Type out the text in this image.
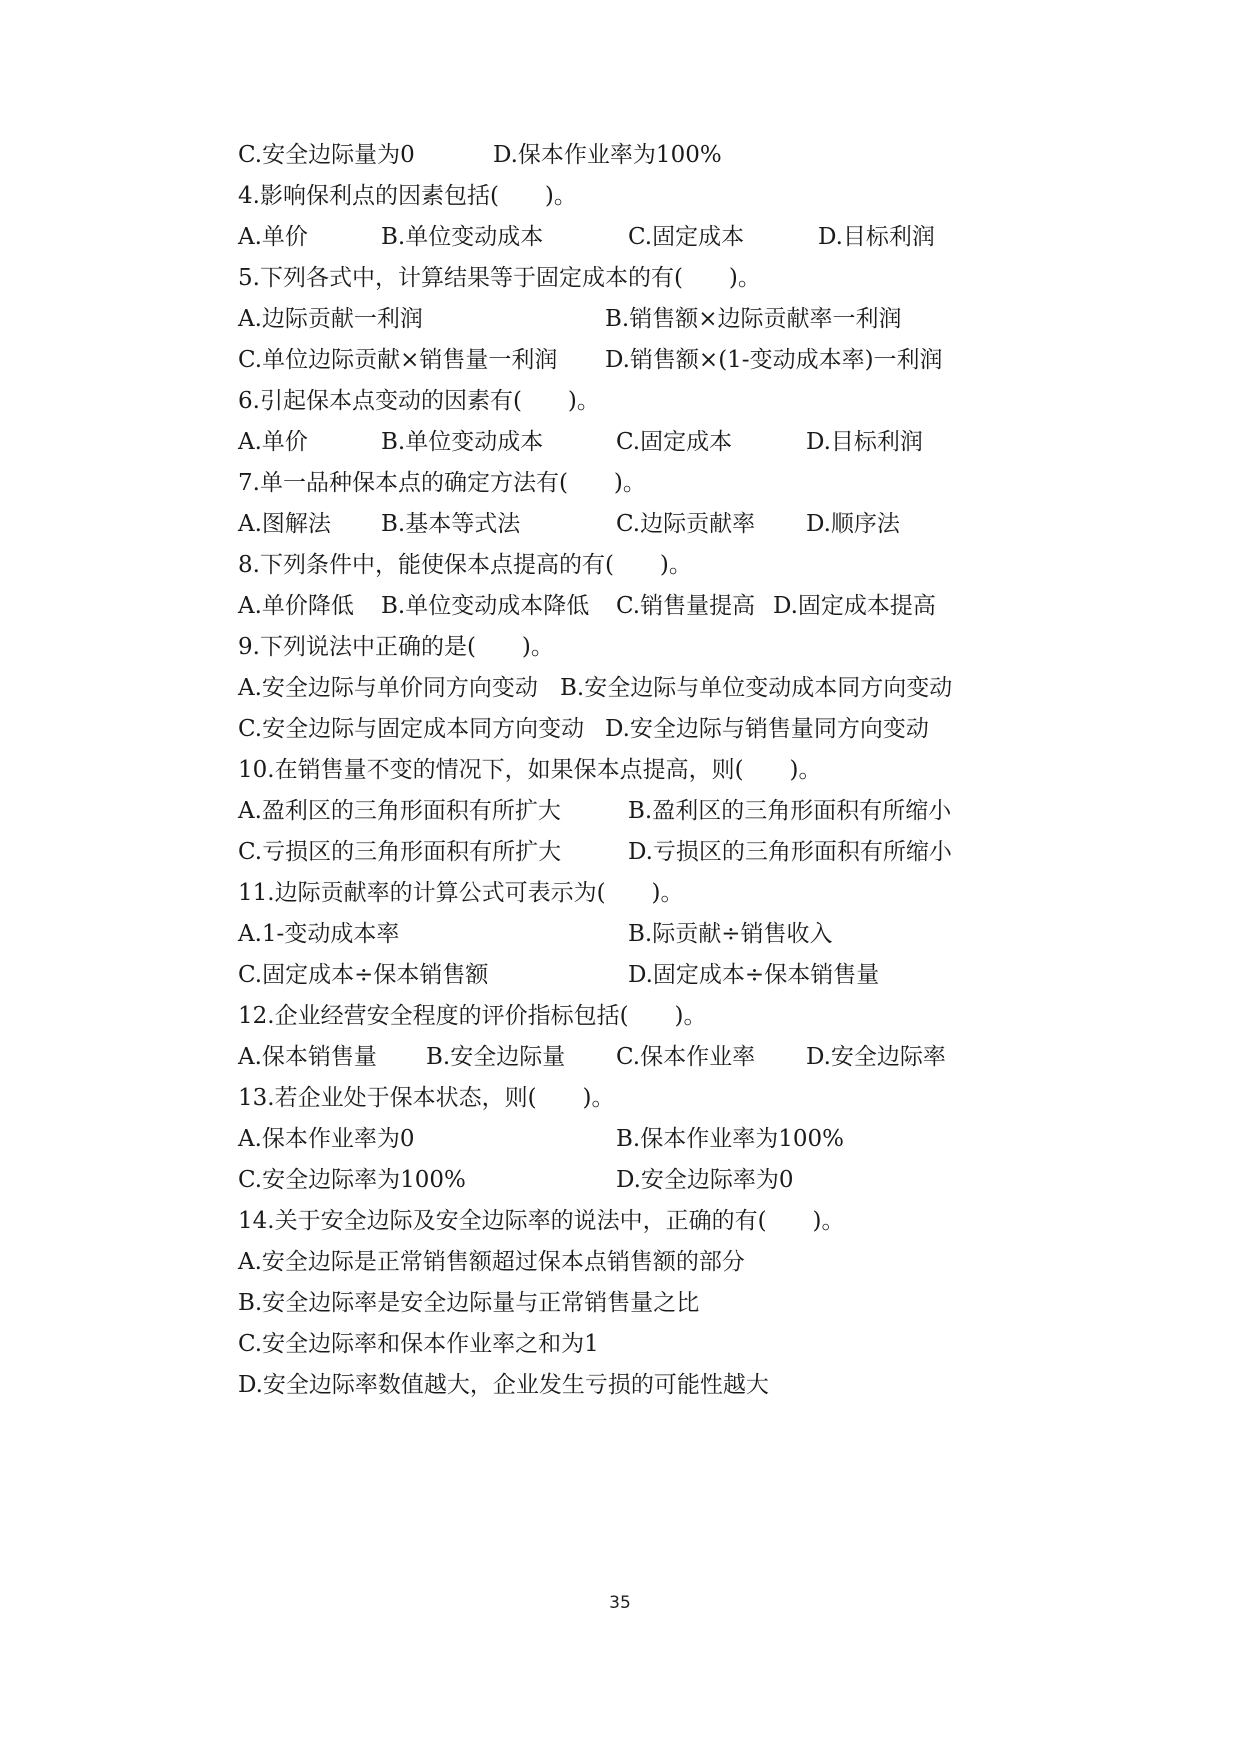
C.安全边际量为0	D.保本作业率为100%
4.影响保利点的因素包括(　　)。
A.单价	B.单位变动成本	C.固定成本	D.目标利润
5.下列各式中，计算结果等于固定成本的有(　　)。
A.边际贡献一利润	B.销售额×边际贡献率一利润
C.单位边际贡献×销售量一利润 D.销售额×(1-变动成本率)一利润
6.引起保本点变动的因素有(　　)。
A.单价	B.单位变动成本	C.固定成本	D.目标利润
7.单一品种保本点的确定方法有(　　)。
A.图解法 B.基本等式法	C.边际贡献率 D.顺序法
8.下列条件中，能使保本点提高的有(　　)。
A.单价降低 B.单位变动成本降低 C.销售量提高 D.固定成本提高
9.下列说法中正确的是(　　)。
A.安全边际与单价同方向变动 B.安全边际与单位变动成本同方向变动
C.安全边际与固定成本同方向变动 D.安全边际与销售量同方向变动
10.在销售量不变的情况下，如果保本点提高，则(　　)。
A.盈利区的三角形面积有所扩大	B.盈利区的三角形面积有所缩小
C.亏损区的三角形面积有所扩大	D.亏损区的三角形面积有所缩小
11.边际贡献率的计算公式可表示为(　　)。
A.1-变动成本率	B.际贡献÷销售收入
C.固定成本÷保本销售额	D.固定成本÷保本销售量
12.企业经营安全程度的评价指标包括(　　)。
A.保本销售量 B.安全边际量 C.保本作业率 D.安全边际率
13.若企业处于保本状态，则(　　)。
A.保本作业率为0	B.保本作业率为100%
C.安全边际率为100%	D.安全边际率为0
14.关于安全边际及安全边际率的说法中，正确的有(　　)。
A.安全边际是正常销售额超过保本点销售额的部分
B.安全边际率是安全边际量与正常销售量之比
C.安全边际率和保本作业率之和为1
D.安全边际率数值越大，企业发生亏损的可能性越大
35
